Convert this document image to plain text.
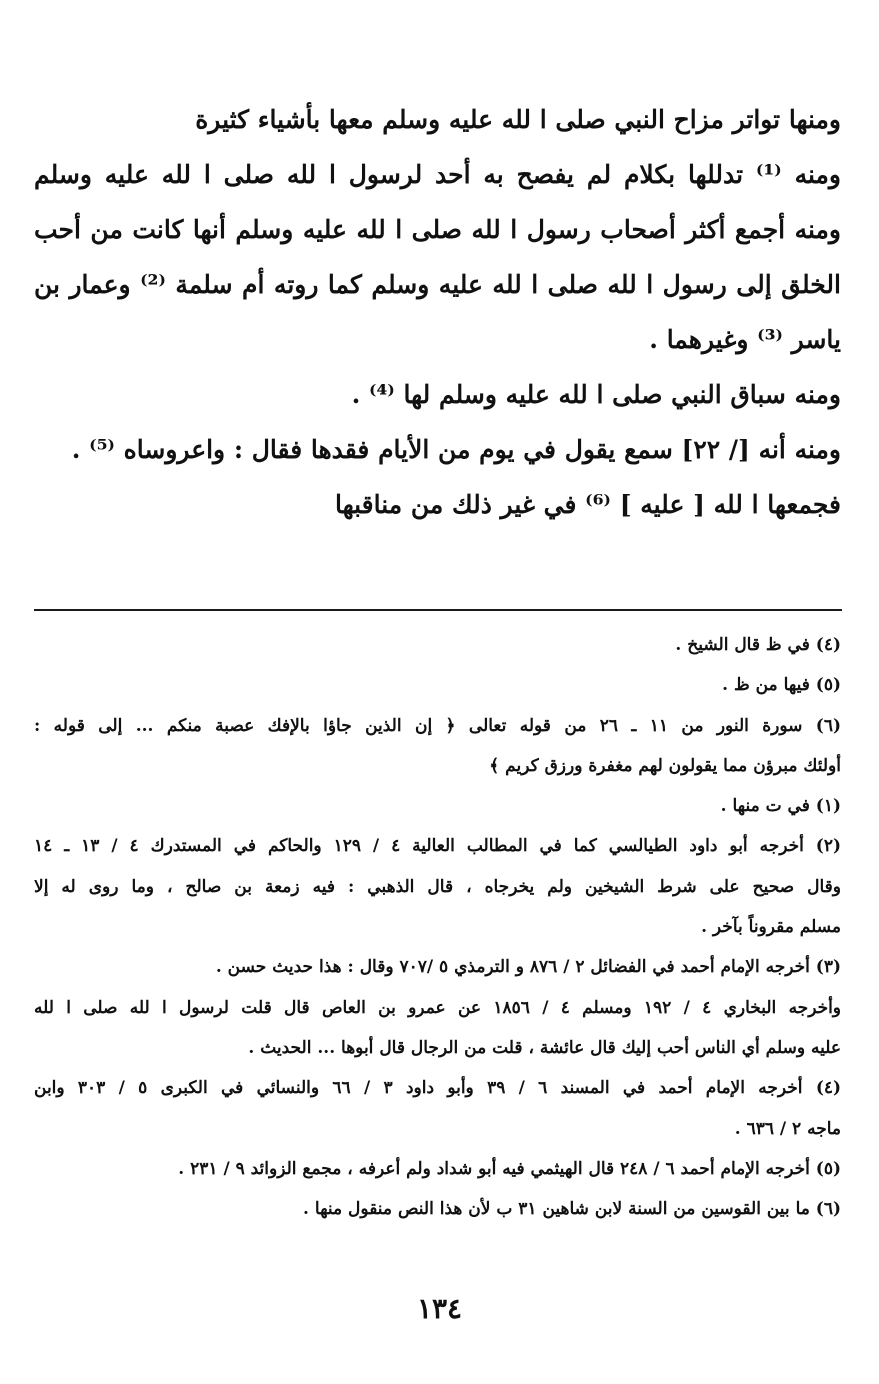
ومنها تواتر مزاح النبي صلى ا لله عليه وسلم معها بأشياء كثيرة
ومنه ⁽¹⁾ تدللها بكلام لم يفصح به أحد لرسول ا لله صلى ا لله عليه وسلم
ومنه أجمع أكثر أصحاب رسول ا لله صلى ا لله عليه وسلم أنها كانت من أحب
الخلق إلى رسول ا لله صلى ا لله عليه وسلم كما روته أم سلمة ⁽²⁾ وعمار بن
ياسر ⁽³⁾ وغيرهما .
ومنه سباق النبي صلى ا لله عليه وسلم لها ⁽⁴⁾ .
ومنه أنه [/ ٢٢] سمع يقول في يوم من الأيام فقدها فقال : واعروساه ⁽⁵⁾ .
فجمعها ا لله [ عليه ] ⁽⁶⁾ في غير ذلك من مناقبها
(٤) في ظ قال الشيخ .
(٥) فيها من ظ .
(٦) سورة النور من ١١ ـ ٢٦ من قوله تعالى ﴿ إن الذين جاؤا بالإفك عصبة منكم ... إلى قوله :
أولئك مبرؤن مما يقولون لهم مغفرة ورزق كريم ﴾
(١) في ت منها .
(٢) أخرجه أبو داود الطيالسي كما في المطالب العالية ٤ / ١٢٩ والحاكم في المستدرك ٤ / ١٣ ـ ١٤
وقال صحيح على شرط الشيخين ولم يخرجاه ، قال الذهبي : فيه زمعة بن صالح ، وما روى له إلا
مسلم مقروناً بآخر .
(٣) أخرجه الإمام أحمد في الفضائل ٢ / ٨٧٦ و الترمذي ٥ /٧٠٧ وقال : هذا حديث حسن .
وأخرجه البخاري ٤ / ١٩٢ ومسلم ٤ / ١٨٥٦ عن عمرو بن العاص قال قلت لرسول ا لله صلى ا لله
عليه وسلم أي الناس أحب إليك قال عائشة ، قلت من الرجال قال أبوها ... الحديث .
(٤) أخرجه الإمام أحمد في المسند ٦ / ٣٩ وأبو داود ٣ / ٦٦ والنسائي في الكبرى ٥ / ٣٠٣ وابن
ماجه ٢ / ٦٣٦ .
(٥) أخرجه الإمام أحمد ٦ / ٢٤٨ قال الهيثمي فيه أبو شداد ولم أعرفه ، مجمع الزوائد ٩ / ٢٣١ .
(٦) ما بين القوسين من السنة لابن شاهين ٣١ ب لأن هذا النص منقول منها .
١٣٤
